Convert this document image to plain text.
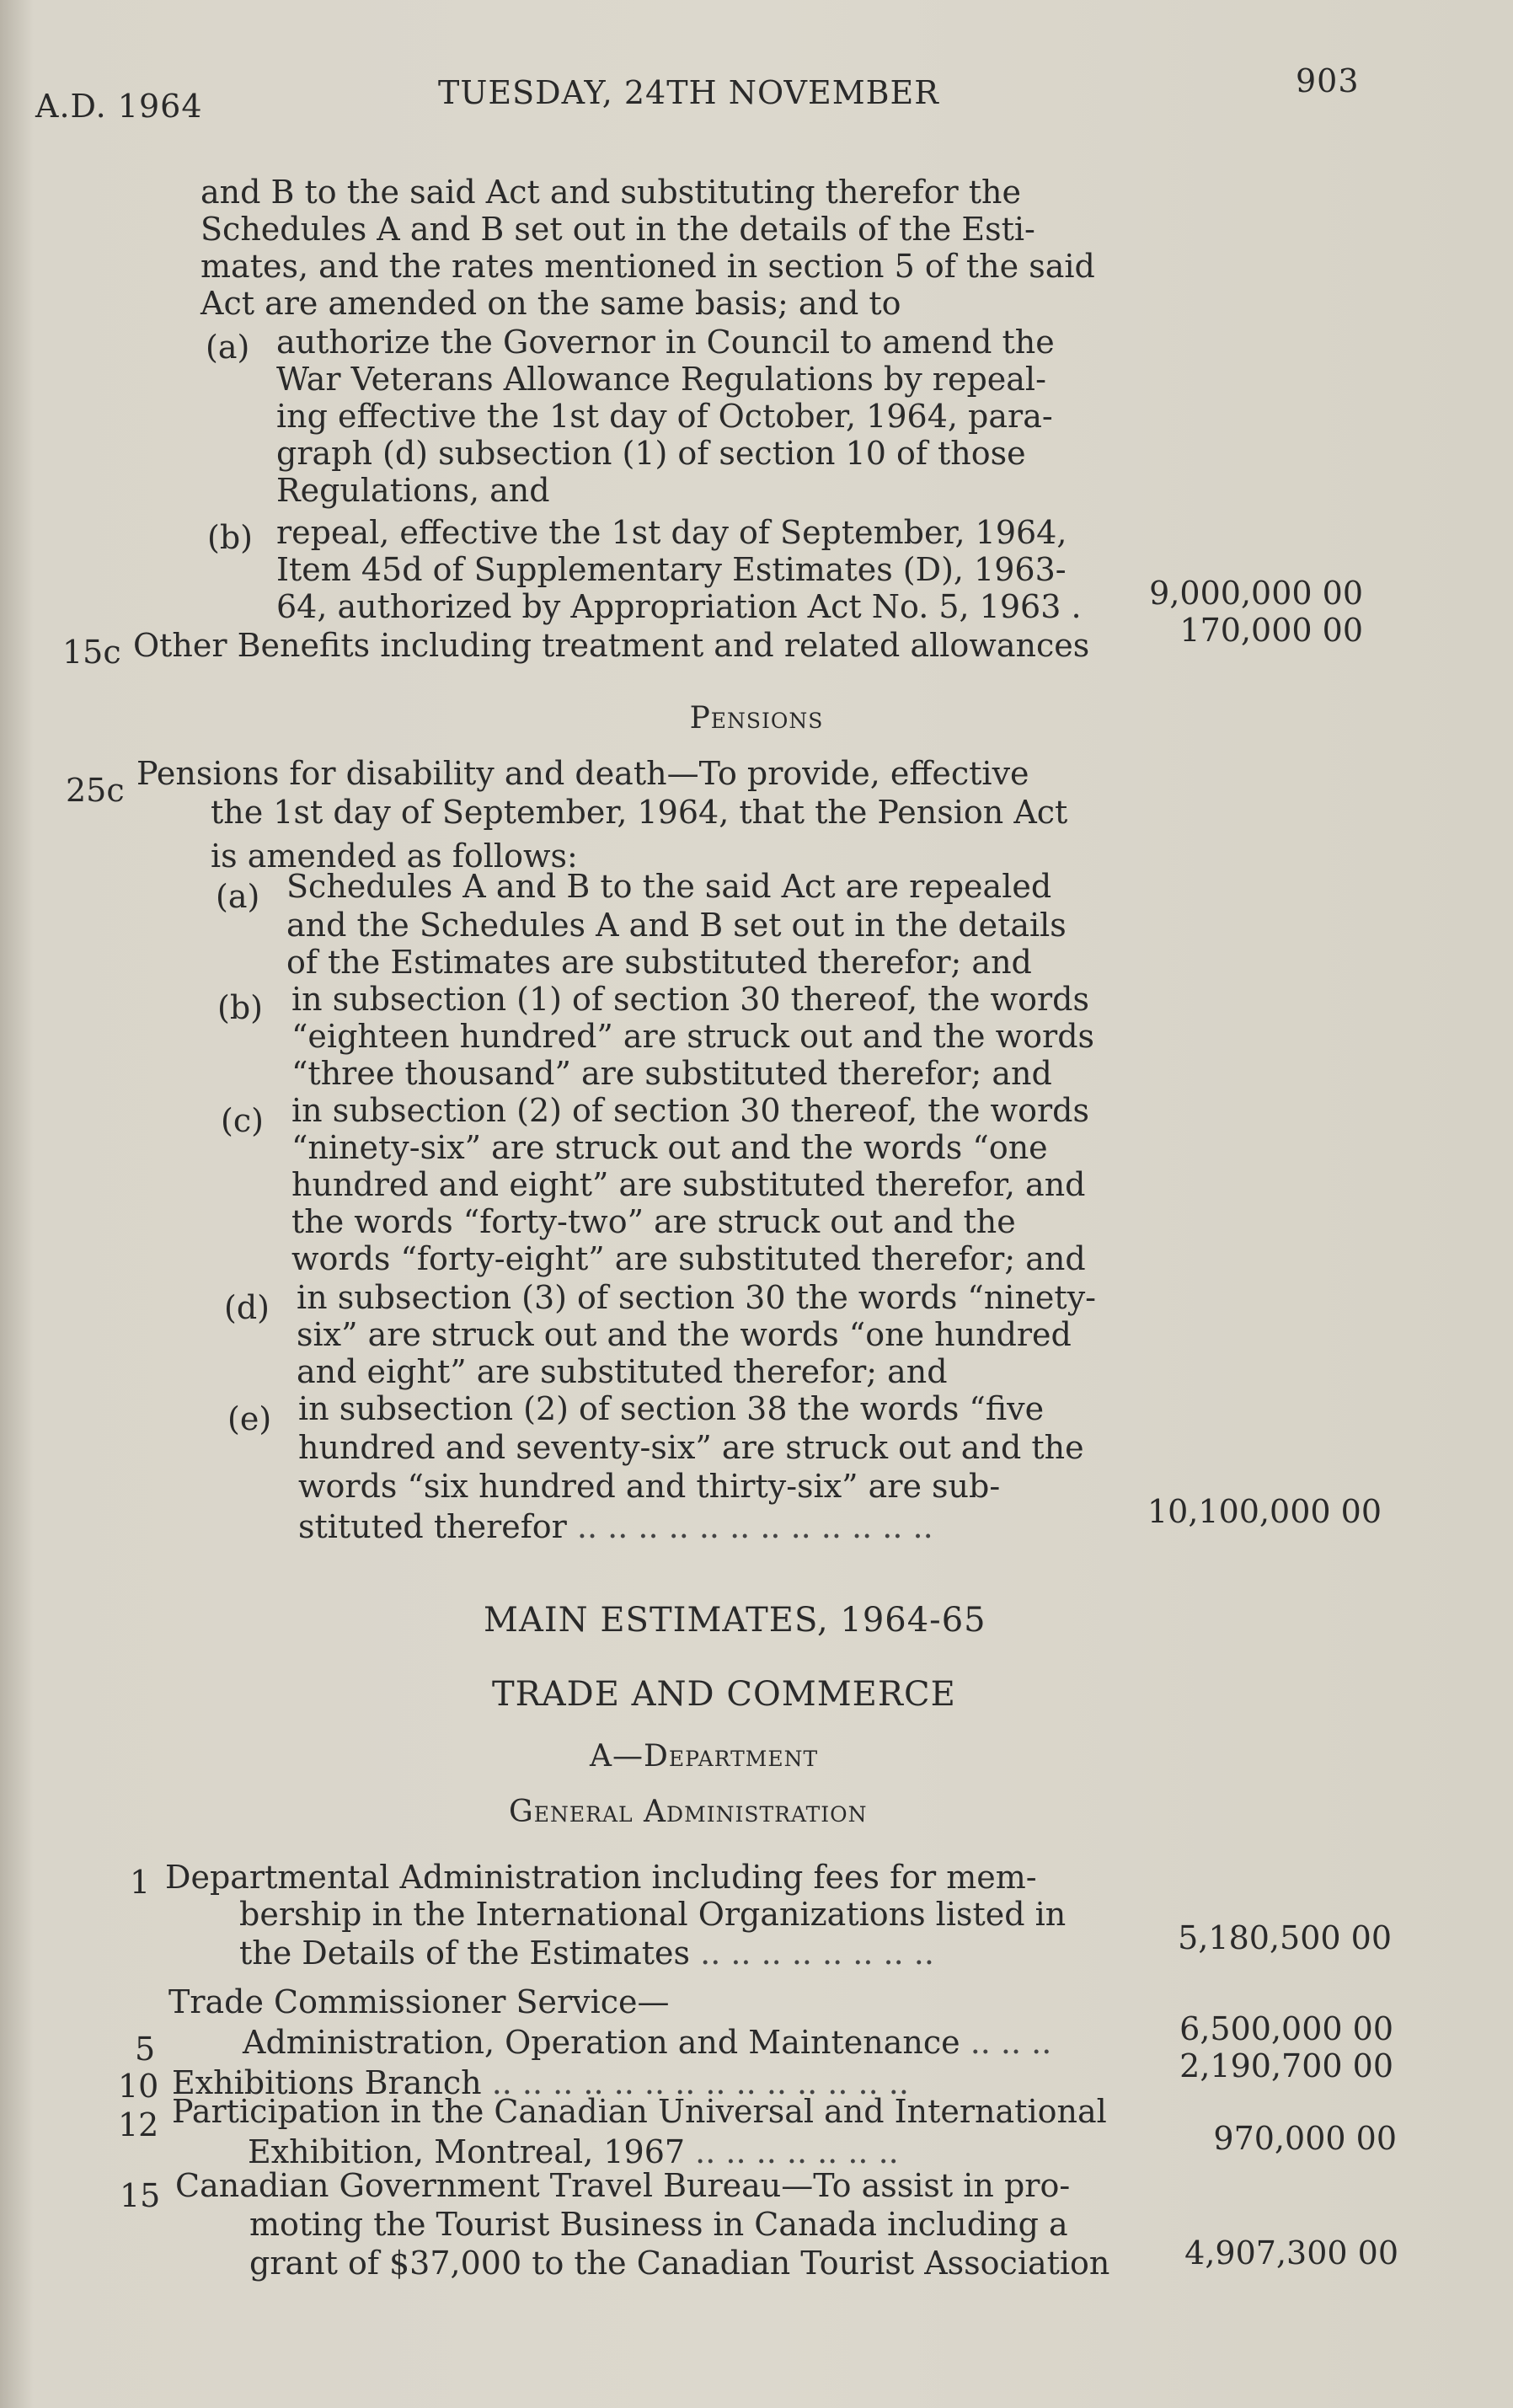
A.D. 1964	TUESDAY, 24TH NOVEMBER	903
and B to the said Act and substituting therefor the
Schedules A and B set out in the details of the Esti-
mates, and the rates mentioned in section 5 of the said
Act are amended on the same basis; and to
(a) authorize the Governor in Council to amend the
War Veterans Allowance Regulations by repeal-
ing effective the 1st day of October, 1964, para-
graph (d) subsection (1) of section 10 of those
Regulations, and
(b) repeal, effective the 1st day of September, 1964,
Item 45d of Supplementary Estimates (D), 1963-
64, authorized by Appropriation Act No. 5, 1963 .	9,000,000 00
15c Other Benefits including treatment and related allowances	170,000 00
Pensions
25c Pensions for disability and death—To provide, effective
the 1st day of September, 1964, that the Pension Act
is amended as follows:
(a) Schedules A and B to the said Act are repealed
and the Schedules A and B set out in the details
of the Estimates are substituted therefor; and
(b) in subsection (1) of section 30 thereof, the words
“eighteen hundred” are struck out and the words
“three thousand” are substituted therefor; and
(c) in subsection (2) of section 30 thereof, the words
“ninety-six” are struck out and the words “one
hundred and eight” are substituted therefor, and
the words “forty-two” are struck out and the
words “forty-eight” are substituted therefor; and
(d) in subsection (3) of section 30 the words “ninety-
six” are struck out and the words “one hundred
and eight” are substituted therefor; and
(e) in subsection (2) of section 38 the words “five
hundred and seventy-six” are struck out and the
words “six hundred and thirty-six” are sub-
stituted therefor .. .. .. .. .. .. .. .. .. .. .. ..	10,100,000 00
MAIN ESTIMATES, 1964-65
TRADE AND COMMERCE
A—Department
General Administration
1 Departmental Administration including fees for mem-
bership in the International Organizations listed in
the Details of the Estimates .. .. .. .. .. .. .. ..	5,180,500 00
Trade Commissioner Service—
5	Administration, Operation and Maintenance .. .. ..	6,500,000 00
10 Exhibitions Branch .. .. .. .. .. .. .. .. .. .. .. .. .. ..	2,190,700 00
12 Participation in the Canadian Universal and International
Exhibition, Montreal, 1967 .. .. .. .. .. .. ..	970,000 00
15 Canadian Government Travel Bureau—To assist in pro-
moting the Tourist Business in Canada including a
grant of $37,000 to the Canadian Tourist Association	4,907,300 00
